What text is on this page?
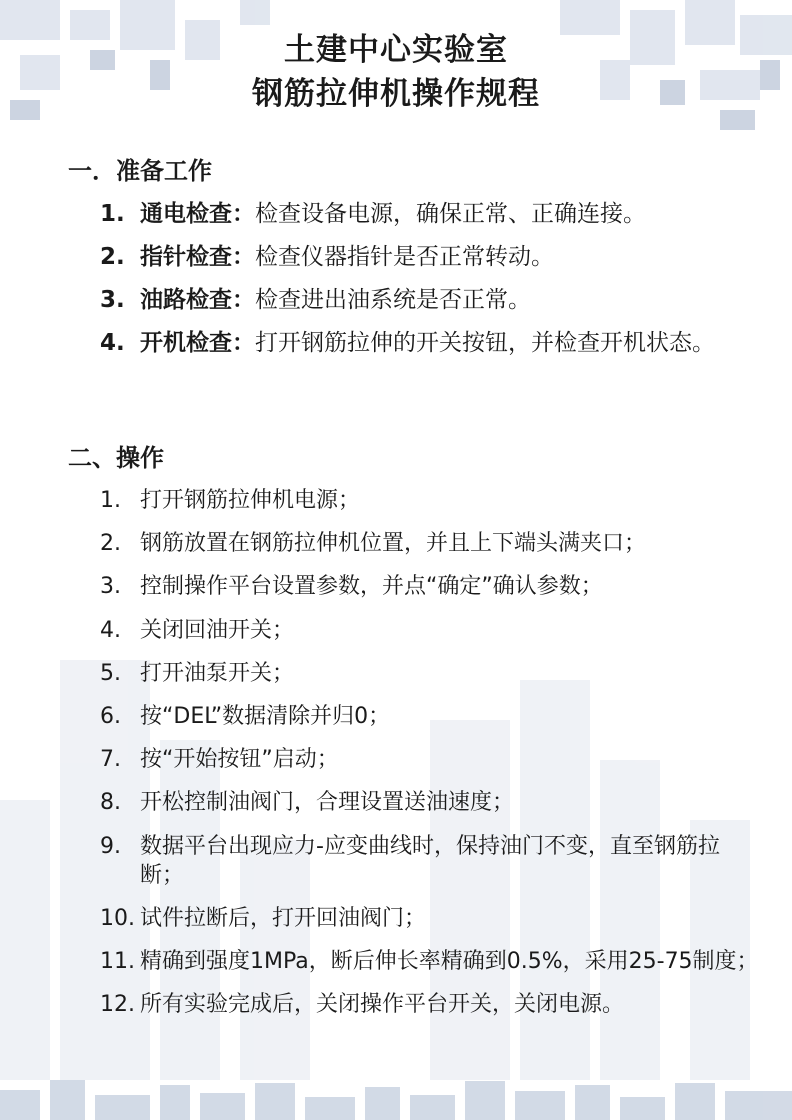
土建中心实验室
钢筋拉伸机操作规程
一．准备工作
1. 通电检查：检查设备电源，确保正常、正确连接。
2. 指针检查：检查仪器指针是否正常转动。
3. 油路检查：检查进出油系统是否正常。
4. 开机检查：打开钢筋拉伸的开关按钮，并检查开机状态。
二、操作
1. 打开钢筋拉伸机电源；
2. 钢筋放置在钢筋拉伸机位置，并且上下端头满夹口；
3. 控制操作平台设置参数，并点“确定”确认参数；
4. 关闭回油开关；
5. 打开油泵开关；
6. 按“DEL”数据清除并归0；
7. 按“开始按钮”启动；
8. 开松控制油阀门，合理设置送油速度；
9. 数据平台出现应力-应变曲线时，保持油门不变，直至钢筋拉断；
10. 试件拉断后，打开回油阀门；
11. 精确到强度1MPa，断后伸长率精确到0.5%，采用25-75制度；
12. 所有实验完成后，关闭操作平台开关，关闭电源。
